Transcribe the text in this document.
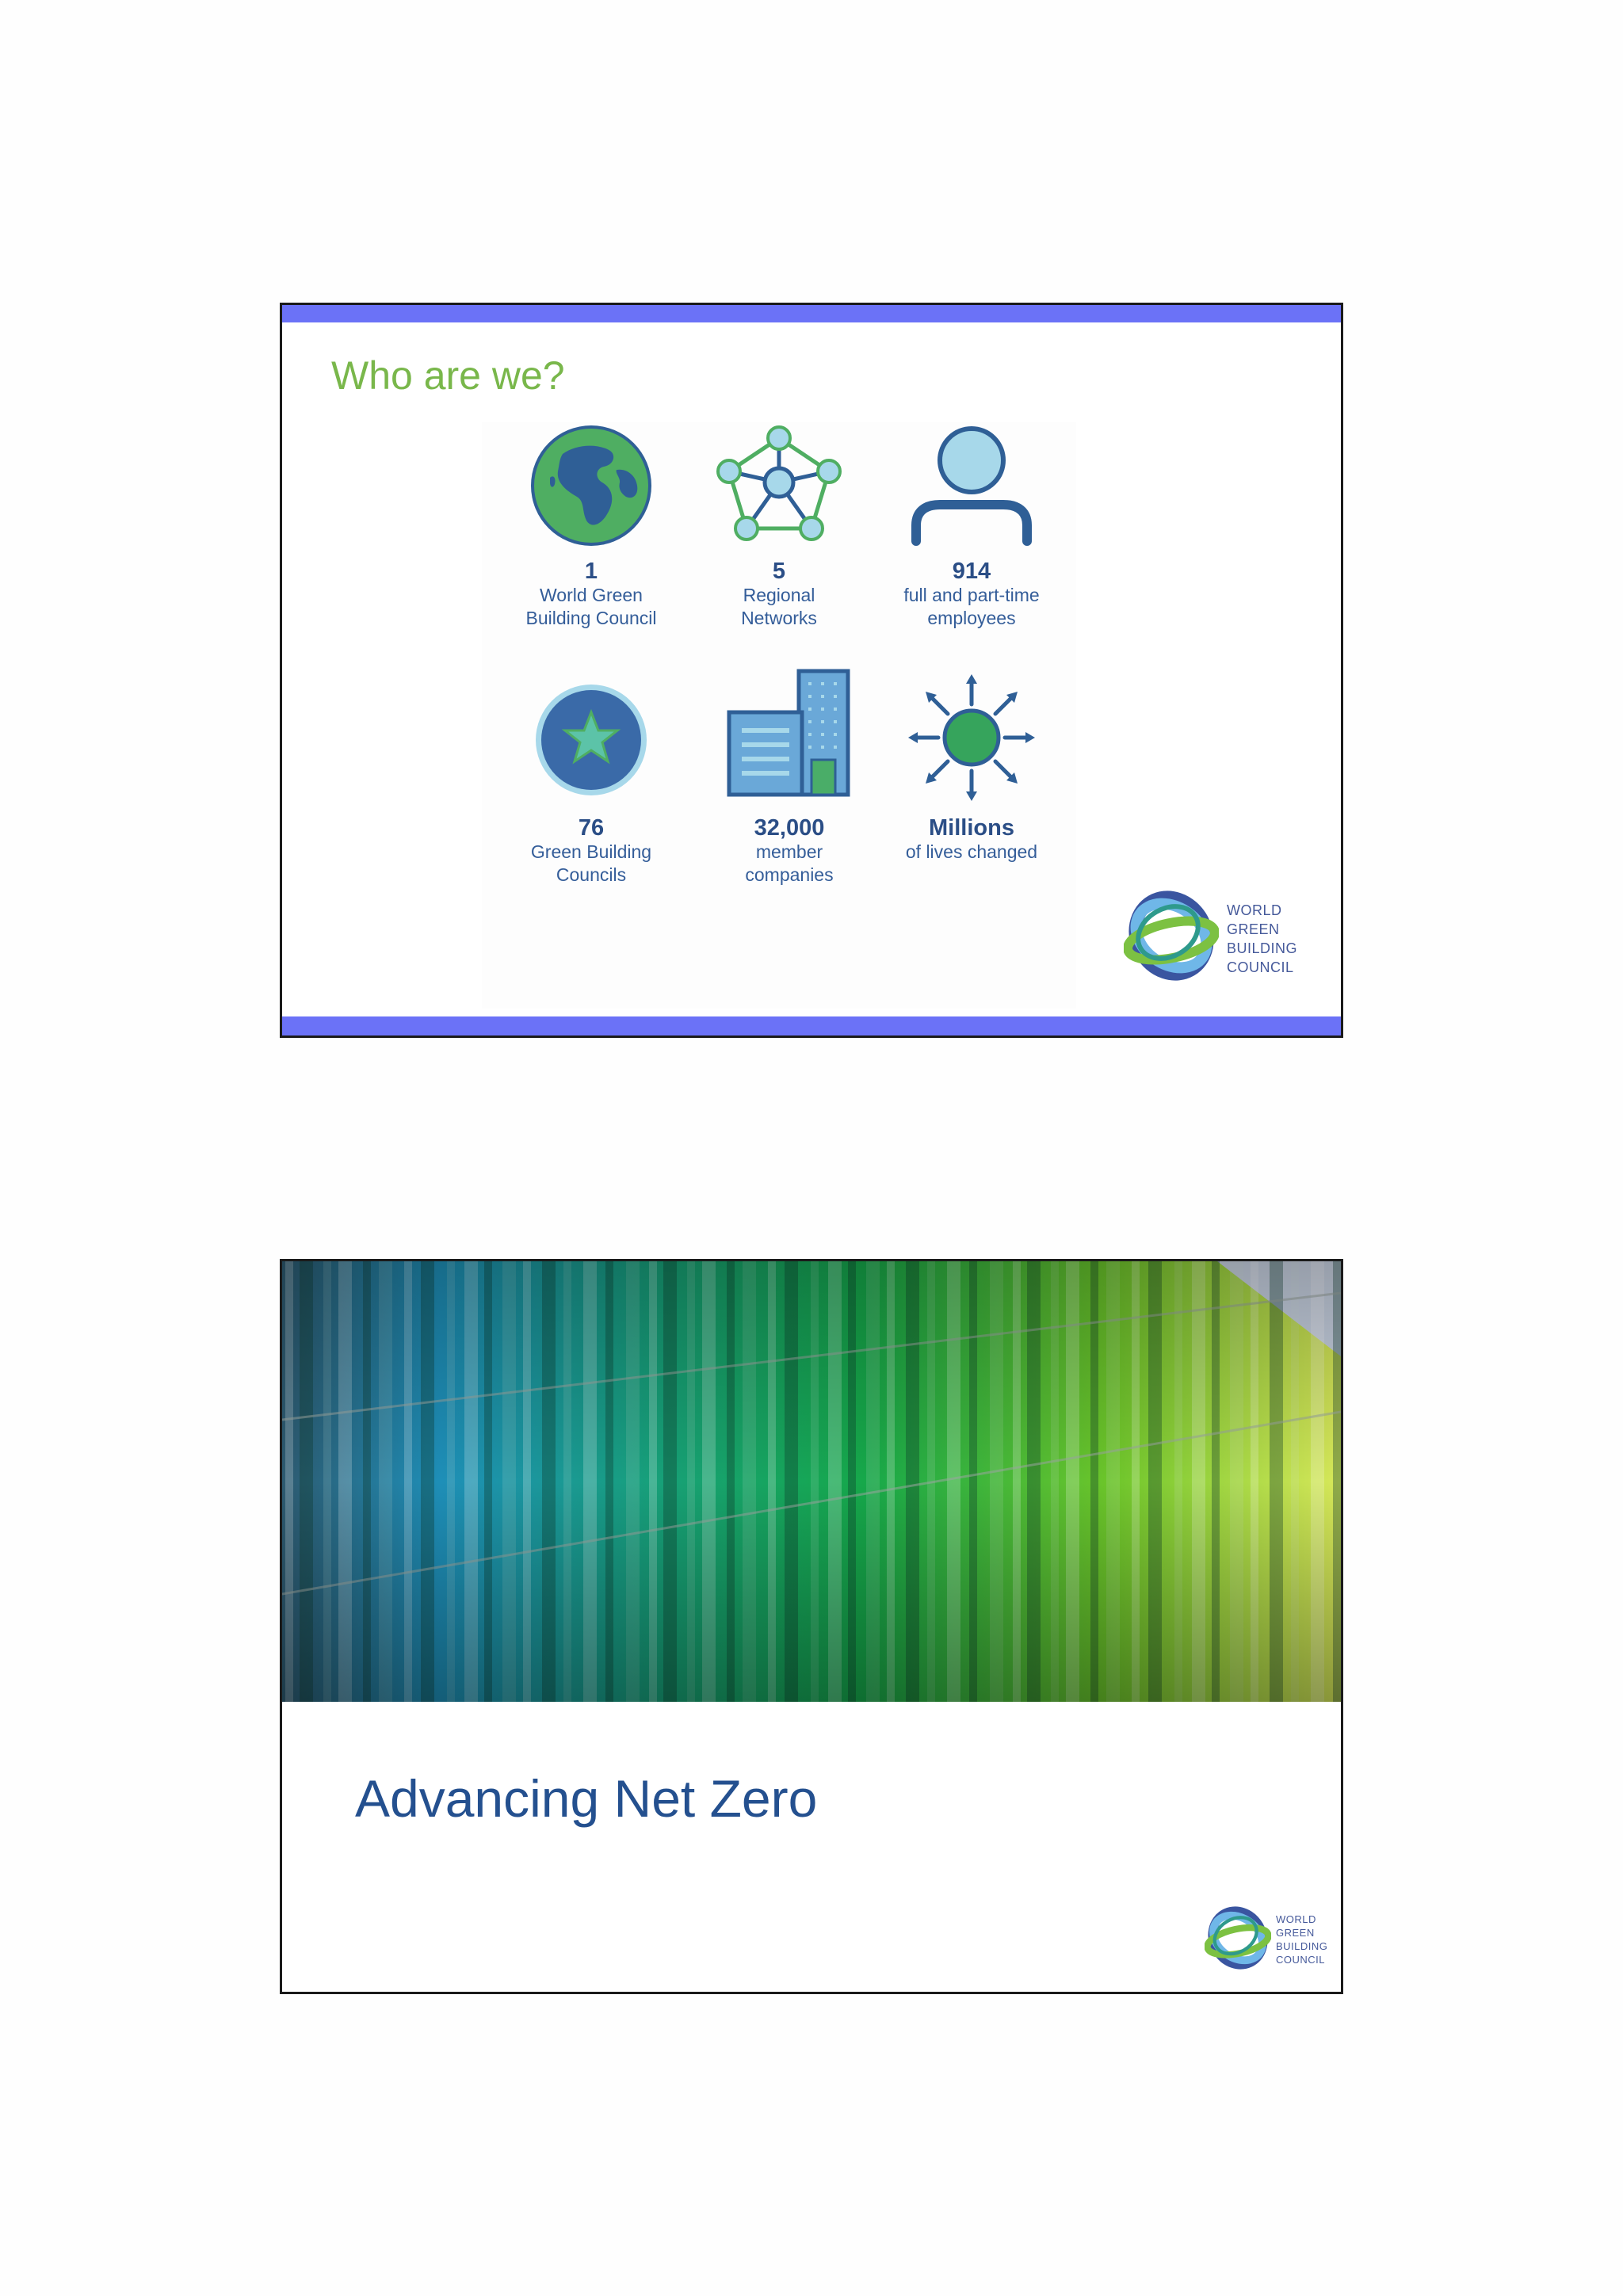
Who are we?
1
World Green
Building Council
5
Regional
Networks
914
full and part-time
employees
76
Green Building
Councils
32,000
member
companies
Millions
of lives changed
WORLD
GREEN
BUILDING
COUNCIL
Advancing Net Zero
WORLD
GREEN
BUILDING
COUNCIL
